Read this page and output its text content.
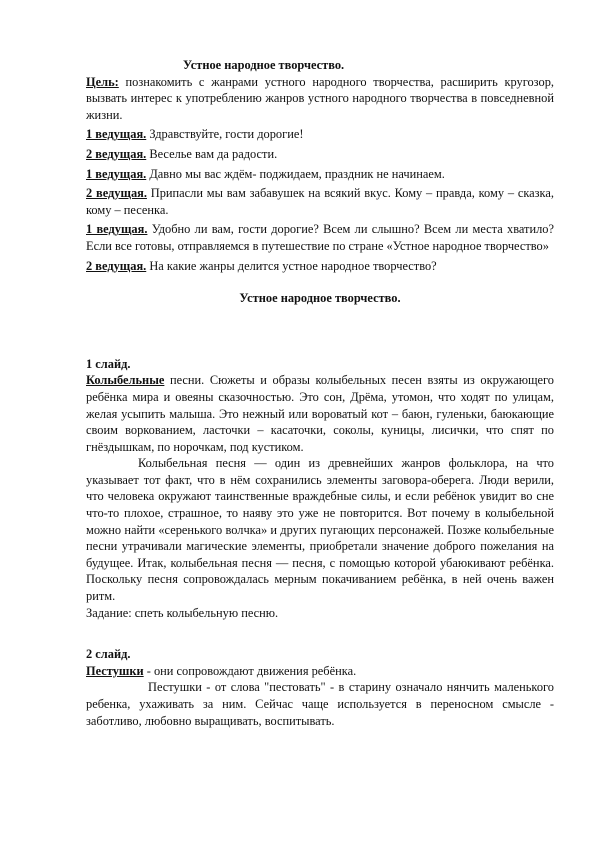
Устное народное творчество.

Цель: познакомить с жанрами устного народного творчества, расширить кругозор, вызвать интерес к употреблению жанров устного народного творчества в повседневной жизни.

1 ведущая. Здравствуйте, гости дорогие!

2 ведущая. Веселье вам да радости.

1 ведущая. Давно мы вас ждём- поджидаем, праздник не начинаем.

2 ведущая. Припасли мы вам забавушек на всякий вкус. Кому – правда, кому – сказка, кому – песенка.

1 ведущая. Удобно ли вам, гости дорогие? Всем ли слышно? Всем ли места хватило? Если все готовы, отправляемся в путешествие по стране «Устное народное творчество»

2 ведущая. На какие жанры делится устное народное творчество?

Устное народное творчество.

1 слайд.

Колыбельные песни. Сюжеты и образы колыбельных песен взяты из окружающего ребёнка мира и овеяны сказочностью. Это сон, Дрёма, утомон, что ходят по улицам, желая усыпить малыша. Это нежный или вороватый кот – баюн, гуленьки, баюкающие своим воркованием, ласточки – касаточки, соколы, куницы, лисички, что спят по гнёздышкам, по норочкам, под кустиком.

Колыбельная песня — один из древнейших жанров фольклора, на что указывает тот факт, что в нём сохранились элементы заговора-оберега. Люди верили, что человека окружают таинственные враждебные силы, и если ребёнок увидит во сне что-то плохое, страшное, то наяву это уже не повторится. Вот почему в колыбельной можно найти «серенького волчка» и других пугающих персонажей. Позже колыбельные песни утрачивали магические элементы, приобретали значение доброго пожелания на будущее. Итак, колыбельная песня — песня, с помощью которой убаюкивают ребёнка. Поскольку песня сопровождалась мерным покачиванием ребёнка, в ней очень важен ритм.

Задание: спеть колыбельную песню.

2 слайд.

Пестушки - они сопровождают движения ребёнка.

Пестушки - от слова "пестовать" - в старину означало нянчить маленького ребенка, ухаживать за ним. Сейчас чаще используется в переносном смысле - заботливо, любовно выращивать, воспитывать.
